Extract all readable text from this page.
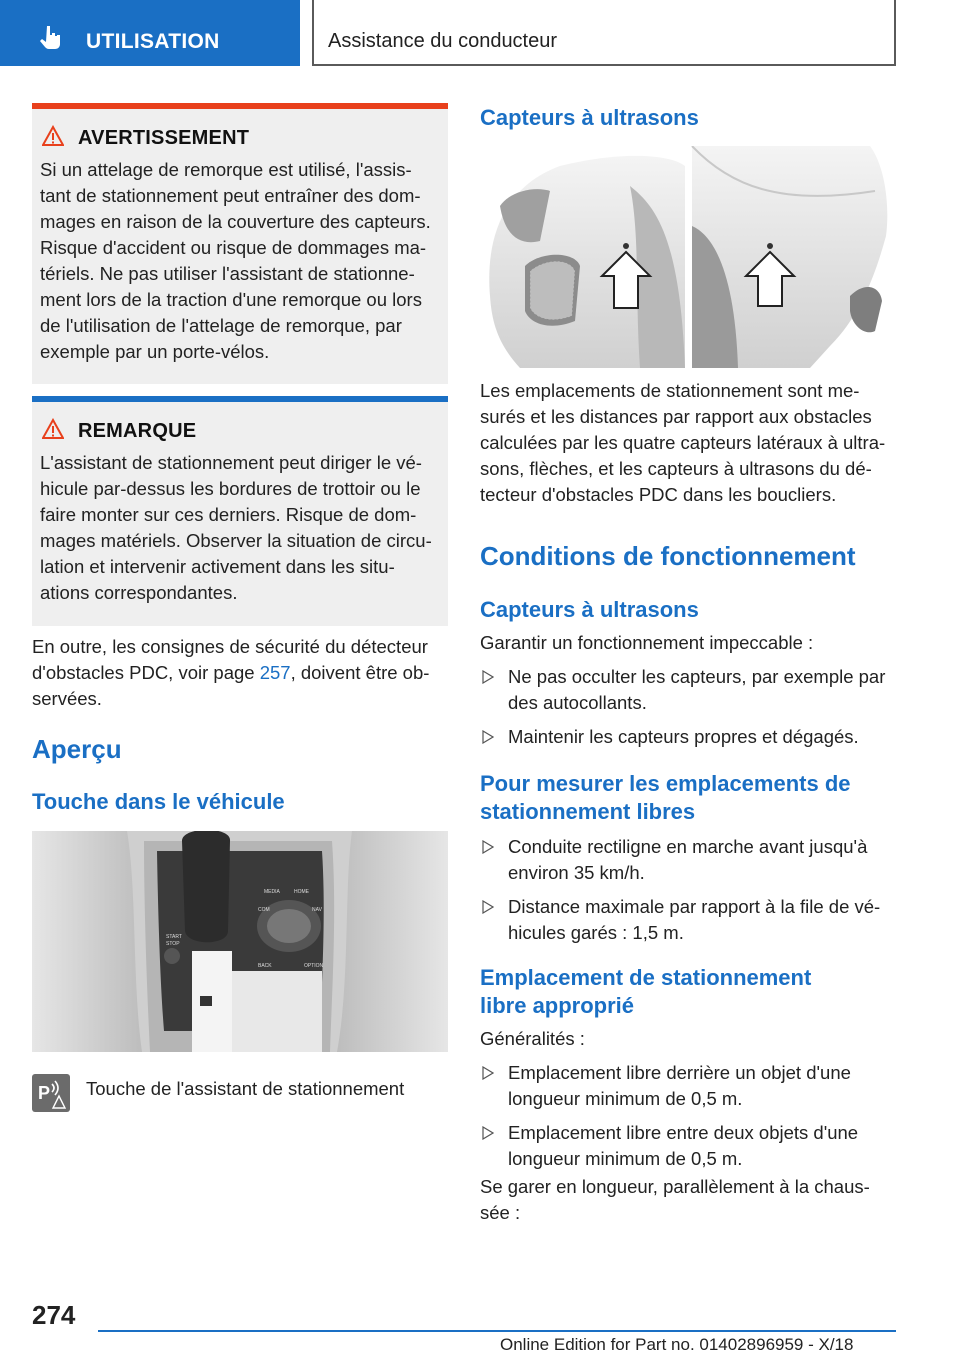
UTILISATION	Assistance du conducteur
AVERTISSEMENT
Si un attelage de remorque est utilisé, l'assis-
tant de stationnement peut entraîner des dom-
mages en raison de la couverture des capteurs.
Risque d'accident ou risque de dommages ma-
tériels. Ne pas utiliser l'assistant de stationne-
ment lors de la traction d'une remorque ou lors
de l'utilisation de l'attelage de remorque, par
exemple par un porte-vélos.
REMARQUE
L'assistant de stationnement peut diriger le vé-
hicule par-dessus les bordures de trottoir ou le
faire monter sur ces derniers. Risque de dom-
mages matériels. Observer la situation de circu-
lation et intervenir activement dans les situ-
ations correspondantes.
En outre, les consignes de sécurité du détecteur
d'obstacles PDC, voir page 257, doivent être ob-
servées.
Aperçu
Touche dans le véhicule
MEDIA	HOME
COM	NAV
BACK	OPTION
START
STOP
P Touche de l'assistant de stationnement
Capteurs à ultrasons
Les emplacements de stationnement sont me-
surés et les distances par rapport aux obstacles
calculées par les quatre capteurs latéraux à ultra-
sons, flèches, et les capteurs à ultrasons du dé-
tecteur d'obstacles PDC dans les boucliers.
Conditions de fonctionnement
Capteurs à ultrasons
Garantir un fonctionnement impeccable :
Ne pas occulter les capteurs, par exemple par
des autocollants.
Maintenir les capteurs propres et dégagés.
Pour mesurer les emplacements de
stationnement libres
Conduite rectiligne en marche avant jusqu'à
environ 35 km/h.
Distance maximale par rapport à la file de vé-
hicules garés : 1,5 m.
Emplacement de stationnement
libre approprié
Généralités :
Emplacement libre derrière un objet d'une
longueur minimum de 0,5 m.
Emplacement libre entre deux objets d'une
longueur minimum de 0,5 m.
Se garer en longueur, parallèlement à la chaus-
sée :
274
Online Edition for Part no. 01402896959 - X/18
